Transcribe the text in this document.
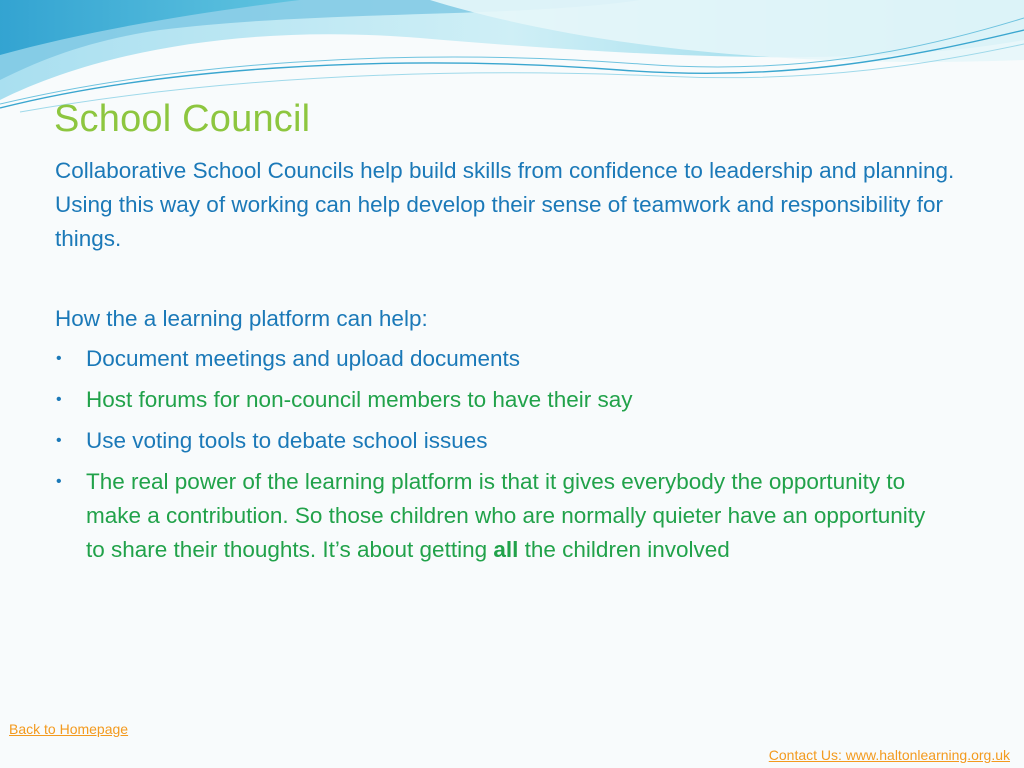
School Council
Collaborative School Councils help build skills from confidence to leadership and planning. Using this way of working can help develop their sense of teamwork and responsibility for things.
How the a learning platform can help:
• Document meetings and upload documents
• Host forums for non-council members to have their say
• Use voting tools to debate school issues
• The real power of the learning platform is that it gives everybody the opportunity to make a contribution. So those children who are normally quieter have an opportunity to share their thoughts. It’s about getting all the children involved
Back to Homepage
Contact Us: www.haltonlearning.org.uk
